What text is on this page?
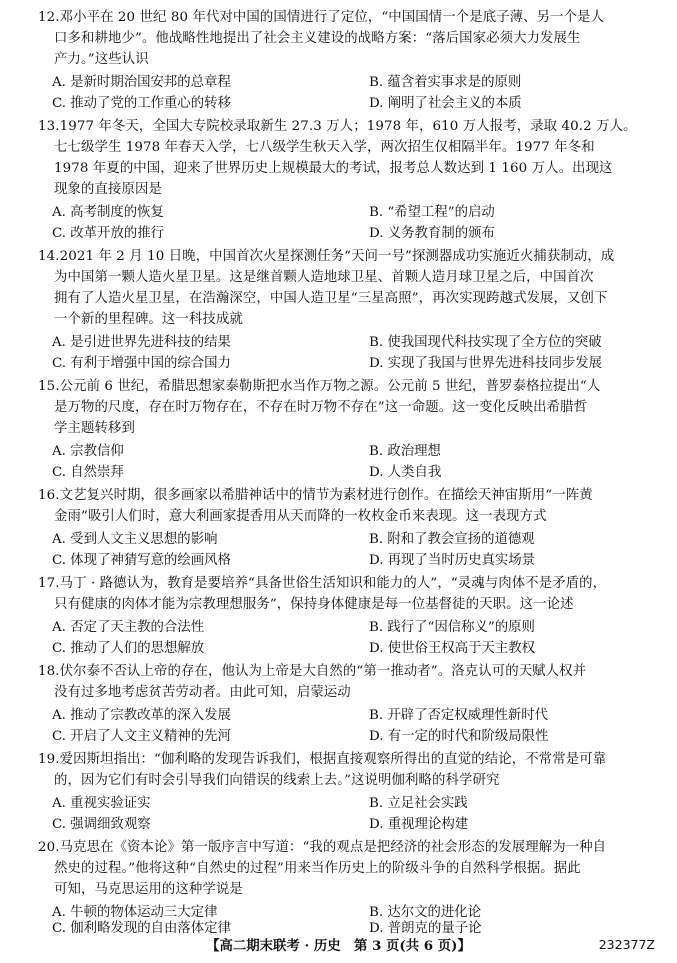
12.邓小平在 20 世纪 80 年代对中国的国情进行了定位，“中国国情一个是底子薄、另一个是人
口多和耕地少”。他战略性地提出了社会主义建设的战略方案：“落后国家必须大力发展生
产力。”这些认识
A. 是新时期治国安邦的总章程	B. 蕴含着实事求是的原则
C. 推动了党的工作重心的转移	D. 阐明了社会主义的本质
13.1977 年冬天，全国大专院校录取新生 27.3 万人；1978 年，610 万人报考，录取 40.2 万人。
七七级学生 1978 年春天入学，七八级学生秋天入学，两次招生仅相隔半年。1977 年冬和
1978 年夏的中国，迎来了世界历史上规模最大的考试，报考总人数达到 1 160 万人。出现这
现象的直接原因是
A. 高考制度的恢复	B. “希望工程”的启动
C. 改革开放的推行	D. 义务教育制的颁布
14.2021 年 2 月 10 日晚，中国首次火星探测任务“天问一号”探测器成功实施近火捕获制动，成
为中国第一颗人造火星卫星。这是继首颗人造地球卫星、首颗人造月球卫星之后，中国首次
拥有了人造火星卫星，在浩瀚深空，中国人造卫星“三星高照”，再次实现跨越式发展，又创下
一个新的里程碑。这一科技成就
A. 是引进世界先进科技的结果	B. 使我国现代科技实现了全方位的突破
C. 有利于增强中国的综合国力	D. 实现了我国与世界先进科技同步发展
15.公元前 6 世纪，希腊思想家泰勒斯把水当作万物之源。公元前 5 世纪，普罗泰格拉提出“人
是万物的尺度，存在时万物存在，不存在时万物不存在”这一命题。这一变化反映出希腊哲
学主题转移到
A. 宗教信仰	B. 政治理想
C. 自然崇拜	D. 人类自我
16.文艺复兴时期，很多画家以希腊神话中的情节为素材进行创作。在描绘天神宙斯用“一阵黄
金雨”吸引人们时，意大利画家提香用从天而降的一枚枚金币来表现。这一表现方式
A. 受到人文主义思想的影响	B. 附和了教会宣扬的道德观
C. 体现了神猜写意的绘画风格	D. 再现了当时历史真实场景
17.马丁 · 路德认为，教育是要培养“具备世俗生活知识和能力的人”，“灵魂与肉体不是矛盾的，
只有健康的肉体才能为宗教理想服务”，保持身体健康是每一位基督徒的天职。这一论述
A. 否定了天主教的合法性	B. 践行了“因信称义”的原则
C. 推动了人们的思想解放	D. 使世俗王权高于天主教权
18.伏尔泰不否认上帝的存在，他认为上帝是大自然的“第一推动者”。洛克认可的天赋人权并
没有过多地考虑贫苦劳动者。由此可知，启蒙运动
A. 推动了宗教改革的深入发展	B. 开辟了否定权威理性新时代
C. 开启了人文主义精神的先河	D. 有一定的时代和阶级局限性
19.爱因斯坦指出：“伽利略的发现告诉我们，根据直接观察所得出的直觉的结论，不常常是可靠
的，因为它们有时会引导我们向错误的线索上去。”这说明伽利略的科学研究
A. 重视实验证实	B. 立足社会实践
C. 强调细致观察	D. 重视理论构建
20.马克思在《资本论》第一版序言中写道：“我的观点是把经济的社会形态的发展理解为一种自
然史的过程。”他将这种“自然史的过程”用来当作历史上的阶级斗争的自然科学根据。据此
可知，马克思运用的这种学说是
A. 牛顿的物体运动三大定律	B. 达尔文的进化论
【高二期末联考 · 历史　第 3 页(共 6 页)】	232377Z
C. 伽利略发现的自由落体定律	D. 普朗克的量子论
